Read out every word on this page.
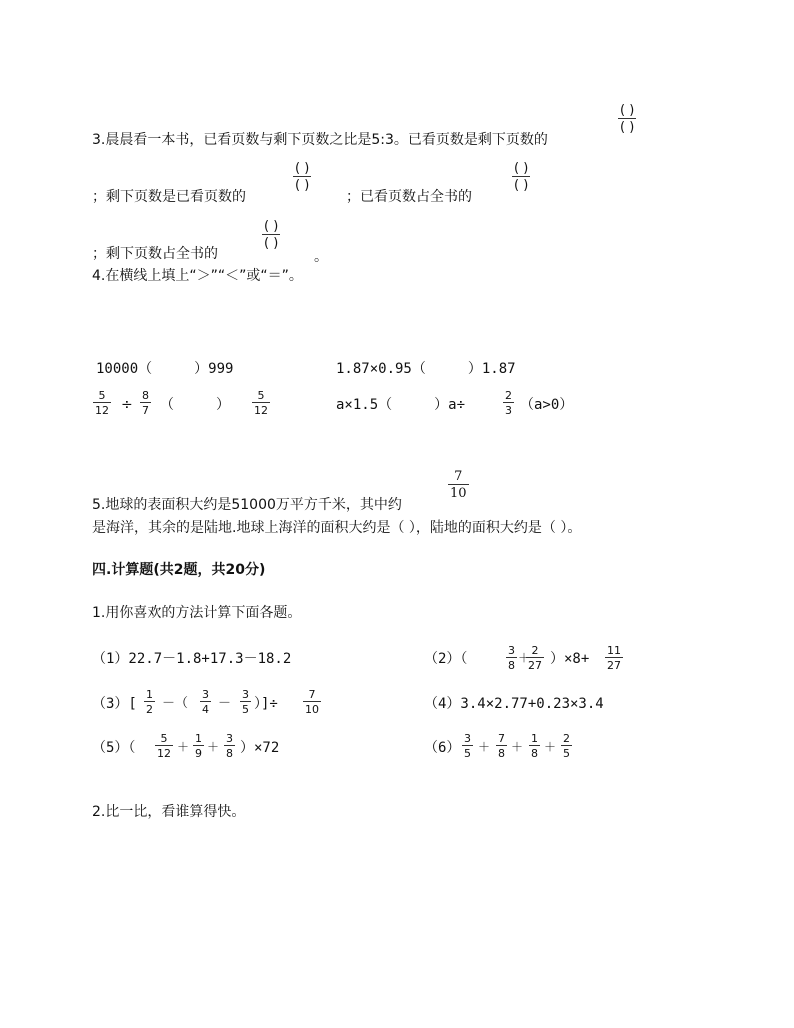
( )
( )
3.晨晨看一本书，已看页数与剩下页数之比是5:3。已看页数是剩下页数的
；剩下页数是已看页数的
( )
( )
；已看页数占全书的
( )
( )
( )
( )
；剩下页数占全书的	。
4.在横线上填上“＞”“＜”或“＝”。
10000（　　　）999	1.87×0.95（　　　）1.87
5
12 ÷
8
7 （　　　）
5
12	a×1.5（　　　）a÷
2
3 （a>0）
7
10
5.地球的表面积大约是51000万平方千米，其中约
是海洋，其余的是陆地.地球上海洋的面积大约是（ ），陆地的面积大约是（ ）。
四.计算题(共2题，共20分)
1.用你喜欢的方法计算下面各题。
（1）22.7－1.8+17.3－18.2	（2）（
3
8
＋
2
27 ）×8+
11
27
（3）[
1
2 －（
3
4 －
3
5 ）]÷
7
10	（4）3.4×2.77+0.23×3.4
（5）（
5
12 ＋
1
9 ＋
3
8 ）×72	（6）
3
5 ＋
7
8 ＋
1
8 ＋
2
5
2.比一比，看谁算得快。
